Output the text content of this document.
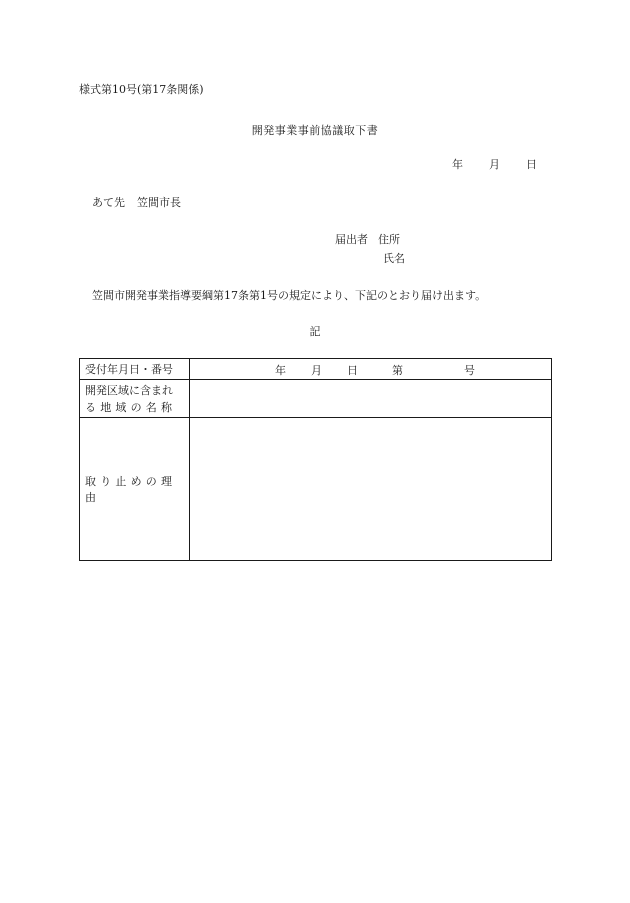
様式第10号(第17条関係)
開発事業事前協議取下書
年 月 日
あて先 笠間市長
届出者 住所
氏名
笠間市開発事業指導要綱第17条第1号の規定により、下記のとおり届け出ます。
記
受付年月日・番号	年 月 日 第 号

開発区域に含まれ
る地域の名称	

取り止めの理由	
